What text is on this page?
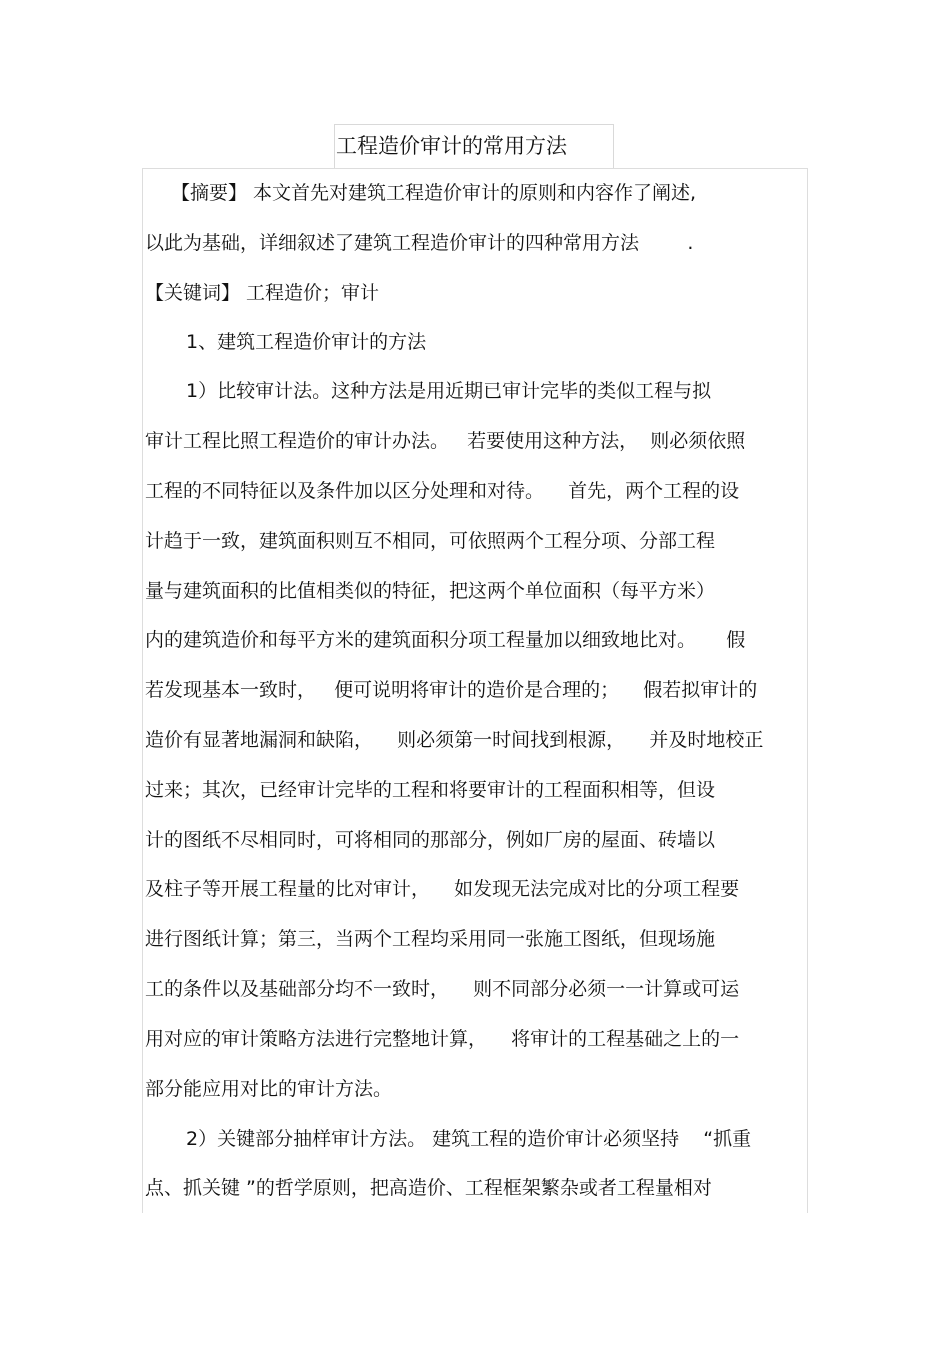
工程造价审计的常用方法
【摘要】 本文首先对建筑工程造价审计的原则和内容作了阐述,
以此为基础，详细叙述了建筑工程造价审计的四种常用方法        .
【关键词】 工程造价；审计
1、建筑工程造价审计的方法
1）比较审计法。这种方法是用近期已审计完毕的类似工程与拟
审计工程比照工程造价的审计办法。   若要使用这种方法，  则必须依照
工程的不同特征以及条件加以区分处理和对待。    首先，两个工程的设
计趋于一致，建筑面积则互不相同，可依照两个工程分项、分部工程
量与建筑面积的比值相类似的特征，把这两个单位面积（每平方米）
内的建筑造价和每平方米的建筑面积分项工程量加以细致地比对。     假
若发现基本一致时，   便可说明将审计的造价是合理的；    假若拟审计的
造价有显著地漏洞和缺陷，    则必须第一时间找到根源，    并及时地校正
过来；其次，已经审计完毕的工程和将要审计的工程面积相等，但设
计的图纸不尽相同时，可将相同的那部分，例如厂房的屋面、砖墙以
及柱子等开展工程量的比对审计，    如发现无法完成对比的分项工程要
进行图纸计算；第三，当两个工程均采用同一张施工图纸，但现场施
工的条件以及基础部分均不一致时，    则不同部分必须一一计算或可运
用对应的审计策略方法进行完整地计算，    将审计的工程基础之上的一
部分能应用对比的审计方法。
2）关键部分抽样审计方法。 建筑工程的造价审计必须坚持    “抓重
点、抓关键 ”的哲学原则，把高造价、工程框架繁杂或者工程量相对
